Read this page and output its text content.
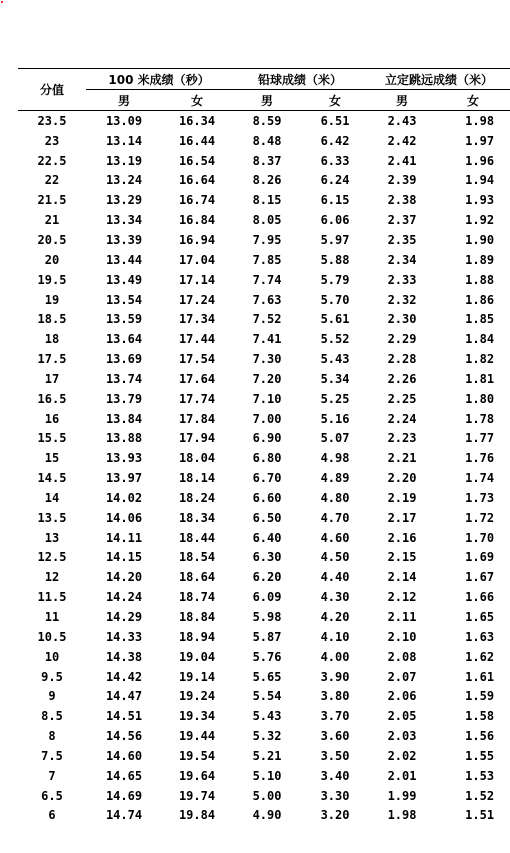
分值	100 米成绩（秒）		铅球成绩（米）		立定跳远成绩（米）	
	男	女	男	女	男	女
23.5	13.09	16.34	8.59	6.51	2.43	1.98
23	13.14	16.44	8.48	6.42	2.42	1.97
22.5	13.19	16.54	8.37	6.33	2.41	1.96
22	13.24	16.64	8.26	6.24	2.39	1.94
21.5	13.29	16.74	8.15	6.15	2.38	1.93
21	13.34	16.84	8.05	6.06	2.37	1.92
20.5	13.39	16.94	7.95	5.97	2.35	1.90
20	13.44	17.04	7.85	5.88	2.34	1.89
19.5	13.49	17.14	7.74	5.79	2.33	1.88
19	13.54	17.24	7.63	5.70	2.32	1.86
18.5	13.59	17.34	7.52	5.61	2.30	1.85
18	13.64	17.44	7.41	5.52	2.29	1.84
17.5	13.69	17.54	7.30	5.43	2.28	1.82
17	13.74	17.64	7.20	5.34	2.26	1.81
16.5	13.79	17.74	7.10	5.25	2.25	1.80
16	13.84	17.84	7.00	5.16	2.24	1.78
15.5	13.88	17.94	6.90	5.07	2.23	1.77
15	13.93	18.04	6.80	4.98	2.21	1.76
14.5	13.97	18.14	6.70	4.89	2.20	1.74
14	14.02	18.24	6.60	4.80	2.19	1.73
13.5	14.06	18.34	6.50	4.70	2.17	1.72
13	14.11	18.44	6.40	4.60	2.16	1.70
12.5	14.15	18.54	6.30	4.50	2.15	1.69
12	14.20	18.64	6.20	4.40	2.14	1.67
11.5	14.24	18.74	6.09	4.30	2.12	1.66
11	14.29	18.84	5.98	4.20	2.11	1.65
10.5	14.33	18.94	5.87	4.10	2.10	1.63
10	14.38	19.04	5.76	4.00	2.08	1.62
9.5	14.42	19.14	5.65	3.90	2.07	1.61
9	14.47	19.24	5.54	3.80	2.06	1.59
8.5	14.51	19.34	5.43	3.70	2.05	1.58
8	14.56	19.44	5.32	3.60	2.03	1.56
7.5	14.60	19.54	5.21	3.50	2.02	1.55
7	14.65	19.64	5.10	3.40	2.01	1.53
6.5	14.69	19.74	5.00	3.30	1.99	1.52
6	14.74	19.84	4.90	3.20	1.98	1.51
